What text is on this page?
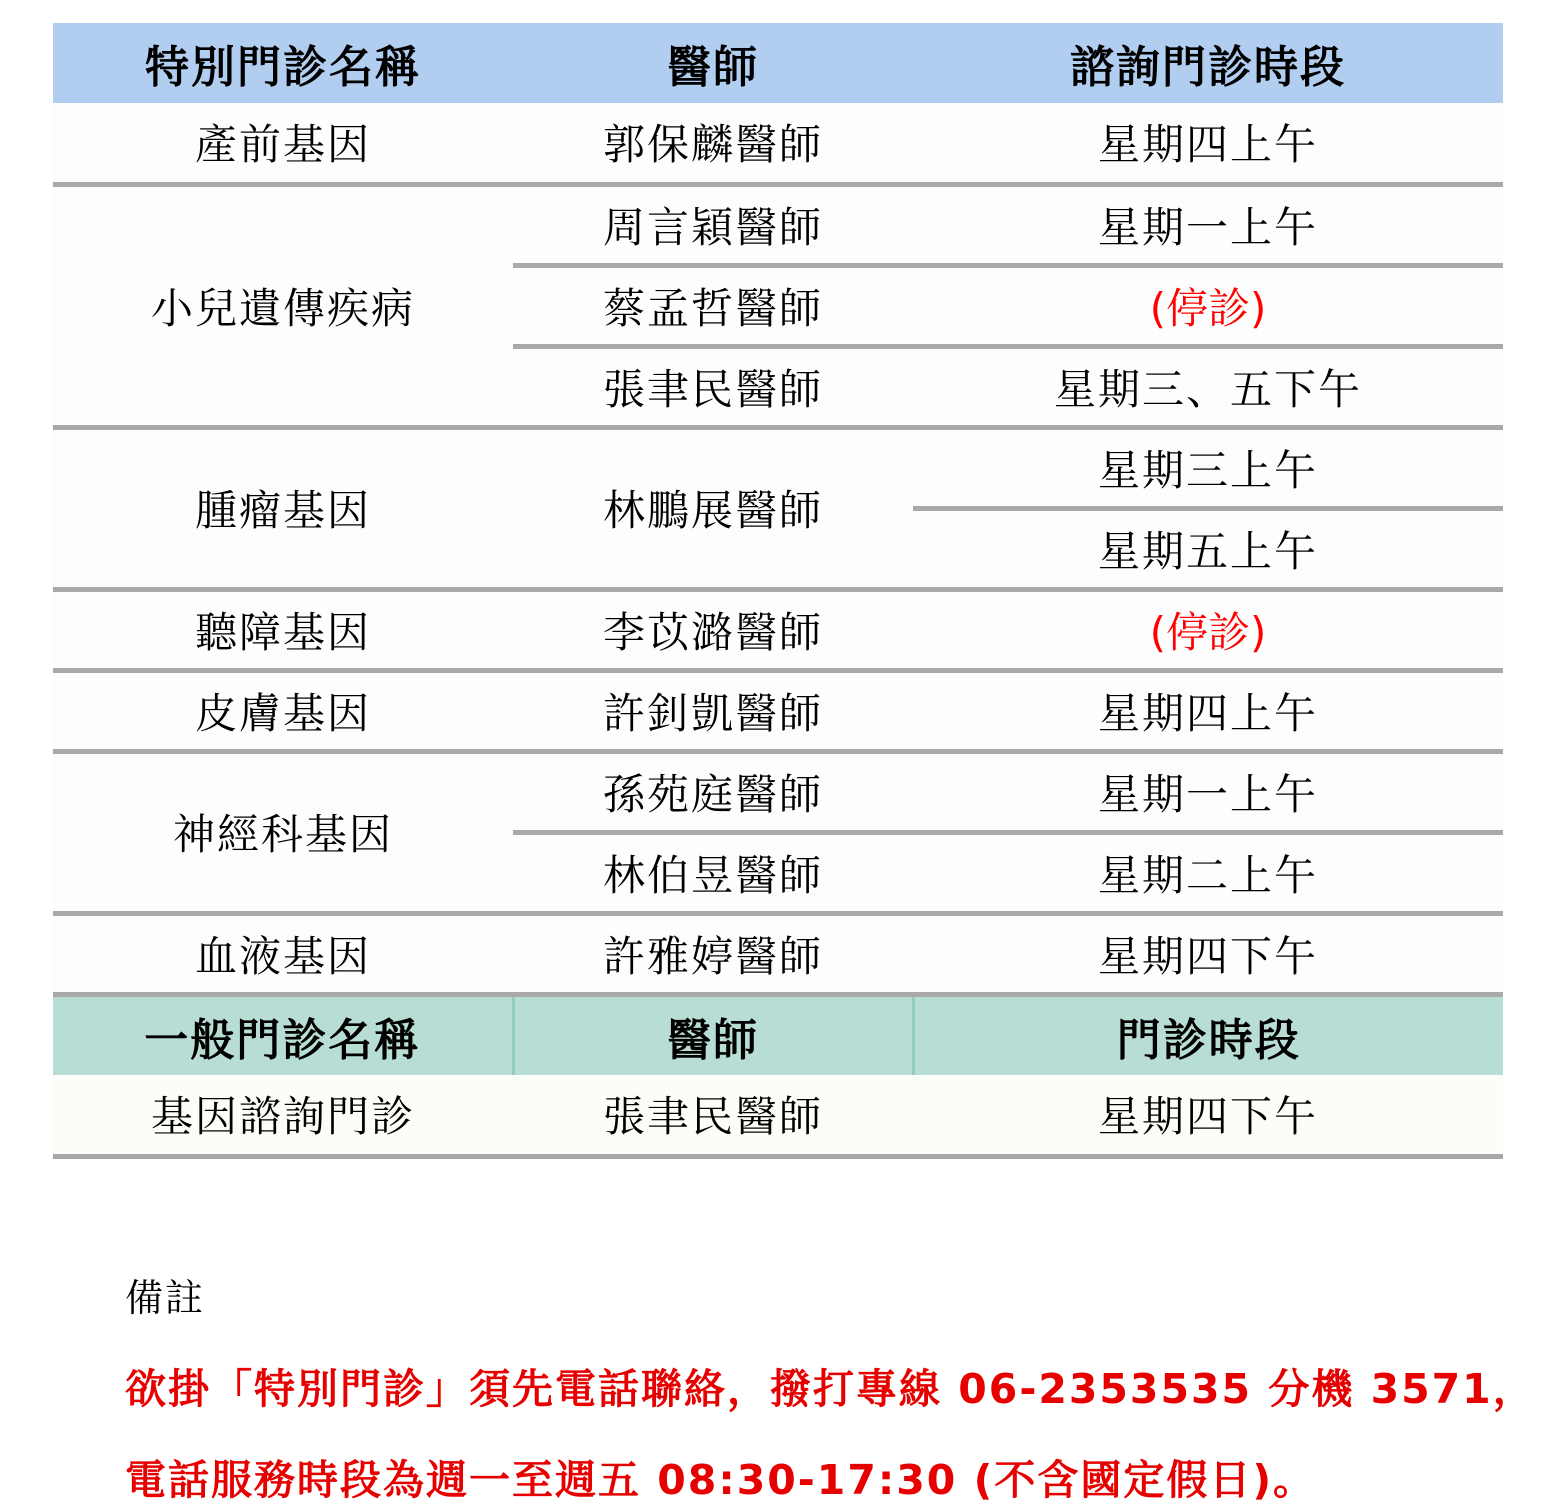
特別門診名稱	醫師	諮詢門診時段
產前基因	郭保麟醫師	星期四上午
小兒遺傳疾病	周言穎醫師	星期一上午
	蔡孟哲醫師	(停診)
	張聿民醫師	星期三、五下午
腫瘤基因	林鵬展醫師	星期三上午
		星期五上午
聽障基因	李苡潞醫師	(停診)
皮膚基因	許釗凱醫師	星期四上午
神經科基因	孫苑庭醫師	星期一上午
	林伯昱醫師	星期二上午
血液基因	許雅婷醫師	星期四下午
一般門診名稱	醫師	門診時段
基因諮詢門診	張聿民醫師	星期四下午
備註
欲掛「特別門診」須先電話聯絡，撥打專線 06-2353535 分機 3571，
電話服務時段為週一至週五 08:30-17:30 (不含國定假日)。
